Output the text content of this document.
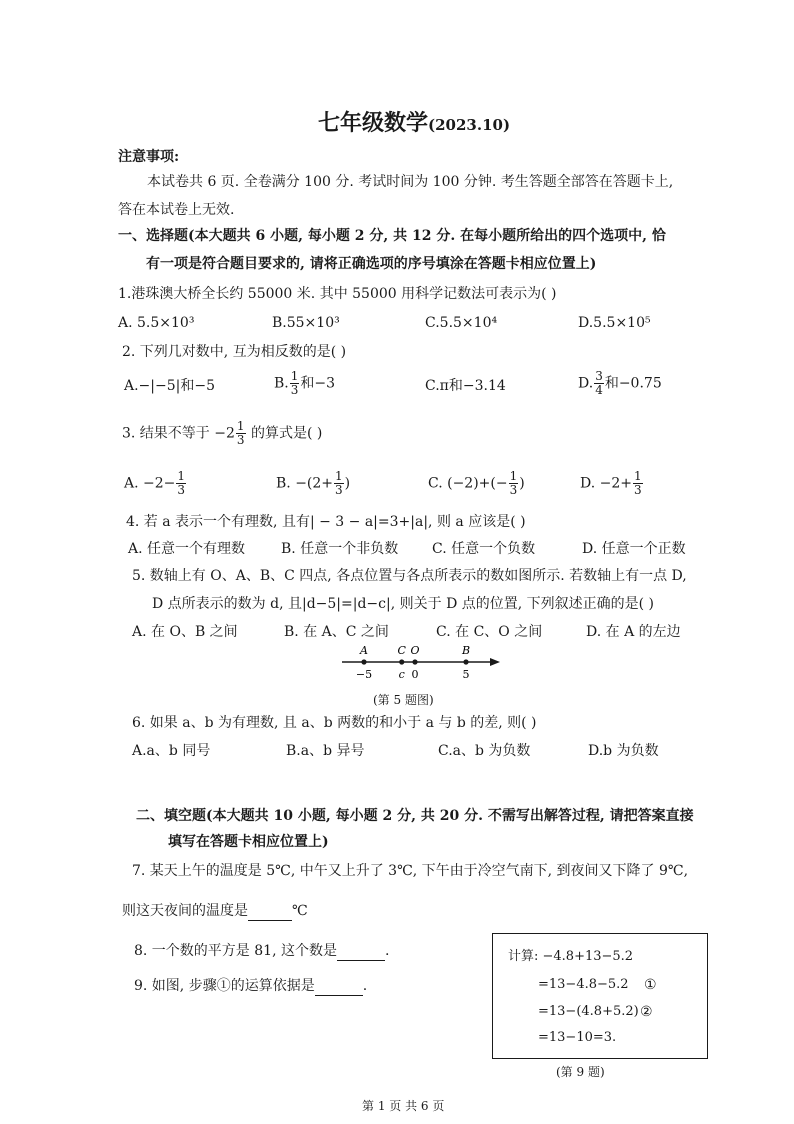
七年级数学(2023.10)
注意事项:
本试卷共 6 页. 全卷满分 100 分. 考试时间为 100 分钟. 考生答题全部答在答题卡上,
答在本试卷上无效.
一、选择题(本大题共 6 小题, 每小题 2 分, 共 12 分. 在每小题所给出的四个选项中, 恰
有一项是符合题目要求的, 请将正确选项的序号填涂在答题卡相应位置上)
1.港珠澳大桥全长约 55000 米. 其中 55000 用科学记数法可表示为( )
A. 5.5×10³	B.55×10³	C.5.5×10⁴	D.5.5×10⁵
2. 下列几对数中, 互为相反数的是( )
A.−|−5|和−5	B. $\frac{1}{3}$ 和−3	C.π和−3.14	D. $\frac{3}{4}$ 和−0.75
3. 结果不等于 $-2 \frac{1}{3}$ 的算式是( )
A. $-2- \frac{1}{3}$	B. $-(2+ \frac{1}{3}$ )	C. $(-2)+(- \frac{1}{3}$ )	D. $-2+ \frac{1}{3}$
4. 若 a 表示一个有理数, 且有| − 3 − a|=3+|a|, 则 a 应该是( )
A. 任意一个有理数	B. 任意一个非负数 C. 任意一个负数	D. 任意一个正数
5. 数轴上有 O、A、B、C 四点, 各点位置与各点所表示的数如图所示. 若数轴上有一点 D,
D 点所表示的数为 d, 且|d−5|=|d−c|, 则关于 D 点的位置, 下列叙述正确的是( )
A. 在 O、B 之间	B. 在 A、C 之间	C. 在 C、O 之间	D. 在 A 的左边
A
−5
C
c
O
0
B
5
(第 5 题图)
6. 如果 a、b 为有理数, 且 a、b 两数的和小于 a 与 b 的差, 则( )
A.a、b 同号	B.a、b 异号	C.a、b 为负数	D.b 为负数
二、填空题(本大题共 10 小题, 每小题 2 分, 共 20 分. 不需写出解答过程, 请把答案直接
填写在答题卡相应位置上)
7. 某天上午的温度是 5℃, 中午又上升了 3℃, 下午由于冷空气南下, 到夜间又下降了 9℃,
则这天夜间的温度是	℃
8. 一个数的平方是 81, 这个数是	.
9. 如图, 步骤①的运算依据是	.
计算: −4.8+13−5.2
=13−4.8−5.2 ①
=13−(4.8+5.2) ②
=13−10=3.
(第 9 题)
第 1 页 共 6 页
